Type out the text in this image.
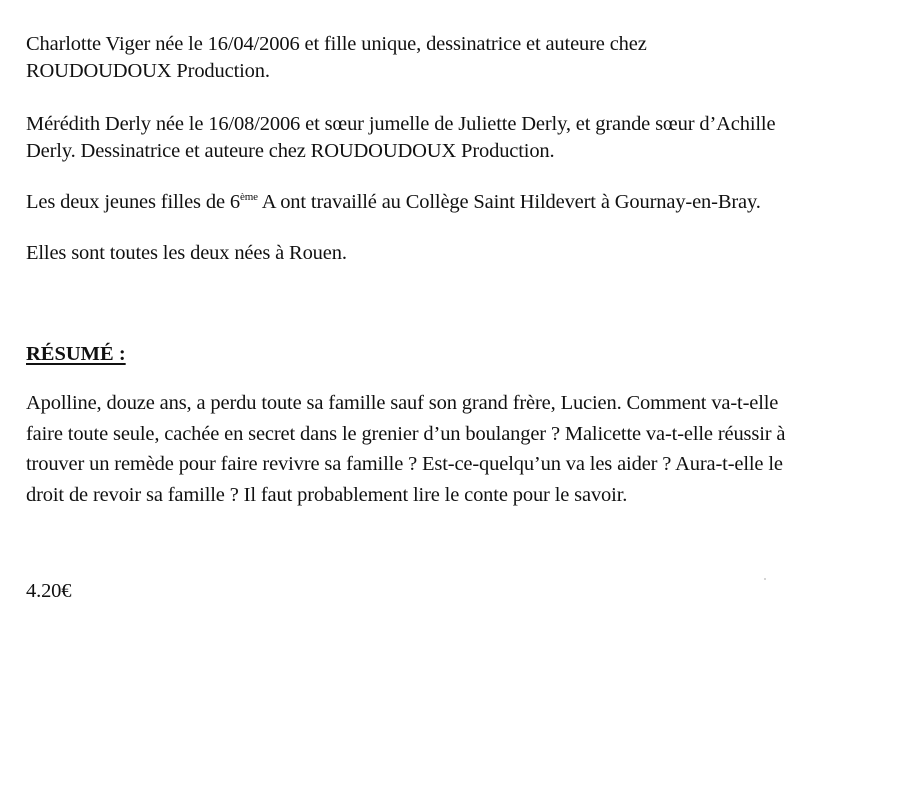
Charlotte Viger née le 16/04/2006 et fille unique, dessinatrice et auteure chez
ROUDOUDOUX Production.

Mérédith Derly née le 16/08/2006 et sœur jumelle de Juliette Derly, et grande sœur d’Achille
Derly. Dessinatrice et auteure chez ROUDOUDOUX Production.

Les deux jeunes filles de 6ème A ont travaillé au Collège Saint Hildevert à Gournay-en-Bray.

Elles sont toutes les deux nées à Rouen.

RÉSUMÉ :

Apolline, douze ans, a perdu toute sa famille sauf son grand frère, Lucien. Comment va-t-elle
faire toute seule, cachée en secret dans le grenier d’un boulanger ? Malicette va-t-elle réussir à
trouver un remède pour faire revivre sa famille ? Est-ce-quelqu’un va les aider ? Aura-t-elle le
droit de revoir sa famille ? Il faut probablement lire le conte pour le savoir.

4.20€
